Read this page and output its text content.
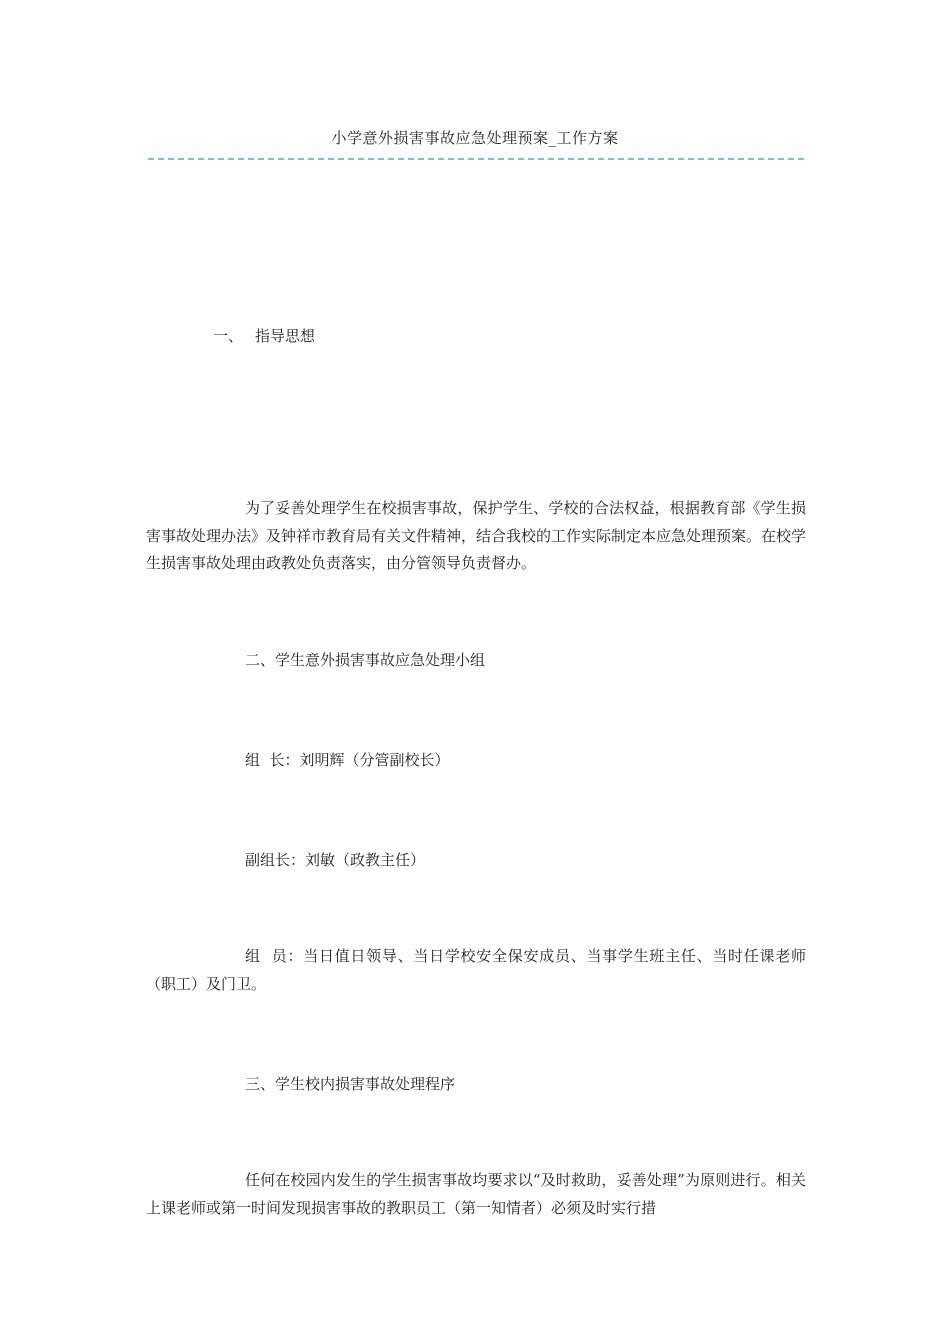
小学意外损害事故应急处理预案_工作方案
一、 指导思想

为了妥善处理学生在校损害事故，保护学生、学校的合法权益，根据教育部《学生损害事故处理办法》及钟祥市教育局有关文件精神，结合我校的工作实际制定本应急处理预案。在校学生损害事故处理由政教处负责落实，由分管领导负责督办。

二、学生意外损害事故应急处理小组
组  长：刘明辉（分管副校长）
副组长：刘敏（政教主任）

组  员：当日值日领导、当日学校安全保安成员、当事学生班主任、当时任课老师（职工）及门卫。

三、学生校内损害事故处理程序

任何在校园内发生的学生损害事故均要求以“及时救助，妥善处理”为原则进行。相关上课老师或第一时间发现损害事故的教职员工（第一知情者）必须及时实行措
